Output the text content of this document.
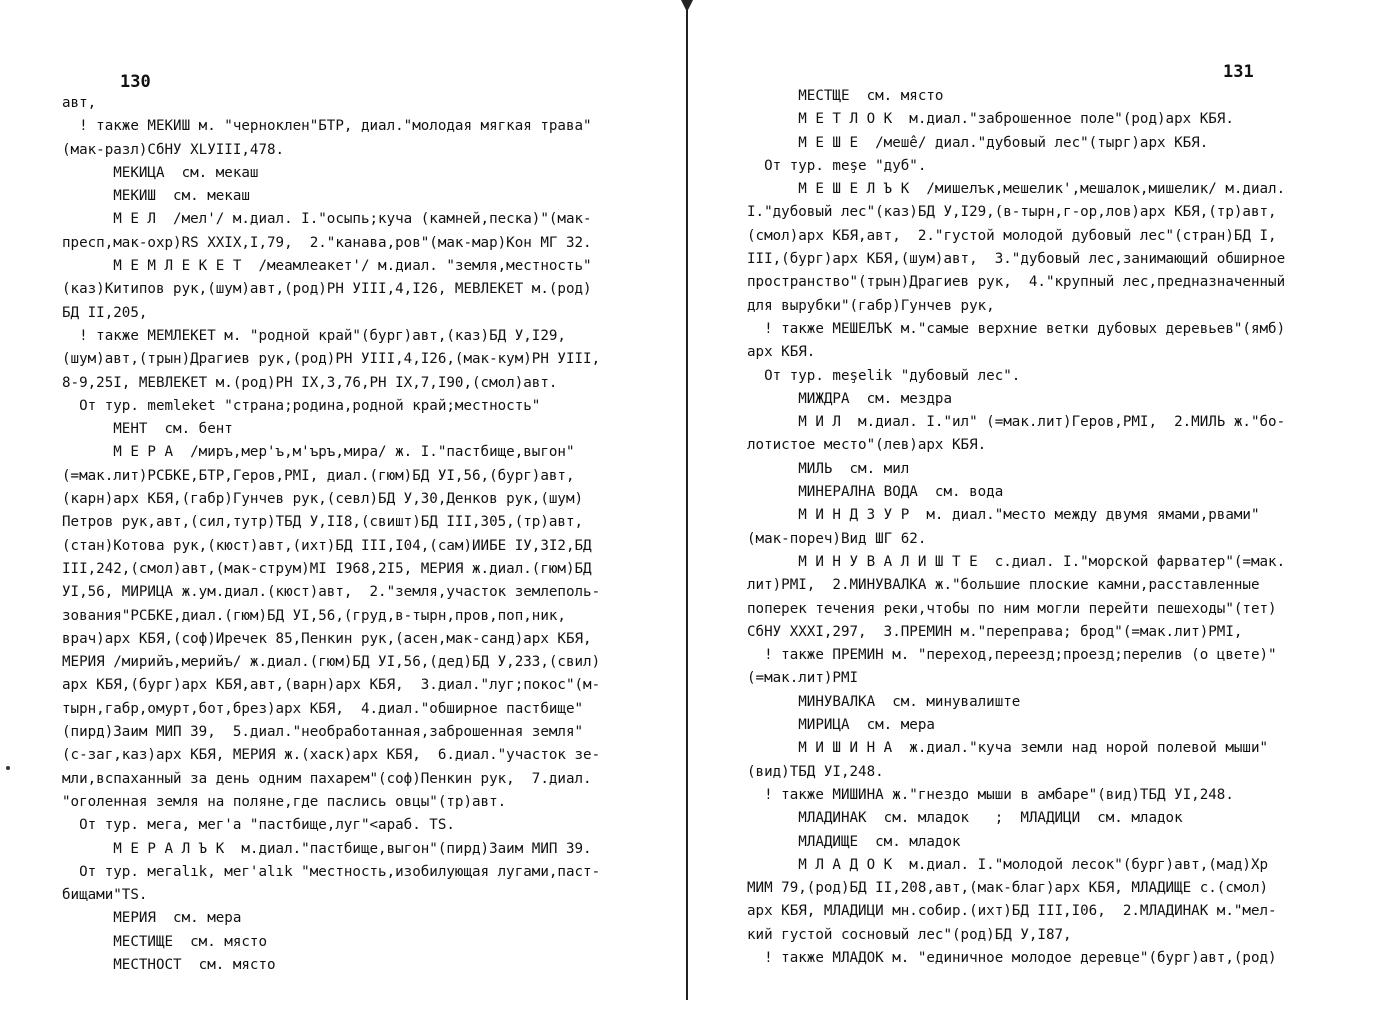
130
авт,
! также МЕКИШ м. "черноклен"БТР, диал."молодая мягкая трава"
(мак-разл)СбНУ ХLУIII,478.
МЕКИЦА  см. мекаш
МЕКИШ  см. мекаш
М Е Л  /мел'/ м.диал. I."осыпь;куча (камней,песка)"(мак-
пресп,мак-охр)RS XXIX,I,79,  2."канава,ров"(мак-мар)Кон МГ 32.
М Е М Л Е К Е Т  /меамлеакет'/ м.диал. "земля,местность"
(каз)Китипов рук,(шум)авт,(род)РН УIII,4,I26, МЕВЛЕКЕТ м.(род)
БД II,205,
! также МЕМЛЕКЕТ м. "родной край"(бург)авт,(каз)БД У,I29,
(шум)авт,(трын)Драгиев рук,(род)РН УIII,4,I26,(мак-кум)РН УIII,
8-9,25I, МЕВЛЕКЕТ м.(род)РН IX,3,76,РН IX,7,I90,(смол)авт.
От тур. memleket "страна;родина,родной край;местность"
МЕНТ  см. бент
М Е Р А  /миръ,мер'ъ,м'ъръ,мира/ ж. I."пастбище,выгон"
(=мак.лит)РСБКЕ,БТР,Геров,РМI, диал.(гюм)БД УI,56,(бург)авт,
(карн)арх КБЯ,(габр)Гунчев рук,(севл)БД У,30,Денков рук,(шум)
Петров рук,авт,(сил,тутр)ТБД У,II8,(свишт)БД III,305,(тр)авт,
(стан)Котова рук,(кюст)авт,(ихт)БД III,I04,(сам)ИИБЕ IУ,3I2,БД
III,242,(смол)авт,(мак-струм)МI I968,2I5, МЕРИЯ ж.диал.(гюм)БД
УI,56, МИРИЦА ж.ум.диал.(кюст)авт,  2."земля,участок землеполь-
зования"РСБКЕ,диал.(гюм)БД УI,56,(груд,в-тырн,пров,поп,ник,
врач)арх КБЯ,(соф)Иречек 85,Пенкин рук,(асен,мак-санд)арх КБЯ,
МЕРИЯ /мирийъ,мерийъ/ ж.диал.(гюм)БД УI,56,(дед)БД У,233,(свил)
арх КБЯ,(бург)арх КБЯ,авт,(варн)арх КБЯ,  3.диал."луг;покос"(м-
тырн,габр,омурт,бот,брез)арх КБЯ,  4.диал."обширное пастбище"
(пирд)Заим МИП 39,  5.диал."необработанная,заброшенная земля"
(с-заг,каз)арх КБЯ, МЕРИЯ ж.(хаск)арх КБЯ,  6.диал."участок зе-
мли,вспаханный за день одним пахарем"(соф)Пенкин рук,  7.диал.
"оголенная земля на поляне,где паслись овцы"(тр)авт.
От тур. мега, мег'а "пастбище,луг"<араб. TS.
М Е Р А Л Ъ К  м.диал."пастбище,выгон"(пирд)Заим МИП 39.
От тур. мегаlık, мег'alık "местность,изобилующая лугами,паст-
бищами"TS.
МЕРИЯ  см. мера
МЕСТИЩЕ  см. място
МЕСТНОСТ  см. място
131
МЕСТЩЕ  см. място
М Е Т Л О К  м.диал."заброшенное поле"(род)арх КБЯ.
М Е Ш Е  /мешê/ диал."дубовый лес"(тырг)арх КБЯ.
От тур. meşe "дуб".
М Е Ш Е Л Ъ К  /мишелък,мешелик',мешалок,мишелик/ м.диал.
I."дубовый лес"(каз)БД У,I29,(в-тырн,г-ор,лов)арх КБЯ,(тр)авт,
(смол)арх КБЯ,авт,  2."густой молодой дубовый лес"(стран)БД I,
III,(бург)арх КБЯ,(шум)авт,  3."дубовый лес,занимающий обширное
пространство"(трын)Драгиев рук,  4."крупный лес,предназначенный
для вырубки"(габр)Гунчев рук,
! также МЕШЕЛЪК м."самые верхние ветки дубовых деревьев"(ямб)
арх КБЯ.
От тур. meşelik "дубовый лес".
МИЖДРА  см. мездра
М И Л  м.диал. I."ил" (=мак.лит)Геров,РМI,  2.МИЛЬ ж."бо-
лотистое место"(лев)арх КБЯ.
МИЛЬ  см. мил
МИНЕРАЛНА ВОДА  см. вода
М И Н Д З У Р  м. диал."место между двумя ямами,рвами"
(мак-пореч)Вид ШГ 62.
М И Н У В А Л И Ш Т Е  с.диал. I."морской фарватер"(=мак.
лит)РМI,  2.МИНУВАЛКА ж."большие плоские камни,расставленные
поперек течения реки,чтобы по ним могли перейти пешеходы"(тет)
СбНУ ХХХI,297,  3.ПРЕМИН м."переправа; брод"(=мак.лит)РМI,
! также ПРЕМИН м. "переход,переезд;проезд;перелив (о цвете)"
(=мак.лит)РМI
МИНУВАЛКА  см. минувалиште
МИРИЦА  см. мера
М И Ш И Н А  ж.диал."куча земли над норой полевой мыши"
(вид)ТБД УI,248.
! также МИШИНА ж."гнездо мыши в амбаре"(вид)ТБД УI,248.
МЛАДИНАК  см. младок   ;  МЛАДИЦИ  см. младок
МЛАДИЩЕ  см. младок
М Л А Д О К  м.диал. I."молодой лесок"(бург)авт,(мад)Хр
МИМ 79,(род)БД II,208,авт,(мак-благ)арх КБЯ, МЛАДИЩЕ с.(смол)
арх КБЯ, МЛАДИЦИ мн.собир.(ихт)БД III,I06,  2.МЛАДИНАК м."мел-
кий густой сосновый лес"(род)БД У,I87,
! также МЛАДОК м. "единичное молодое деревце"(бург)авт,(род)
